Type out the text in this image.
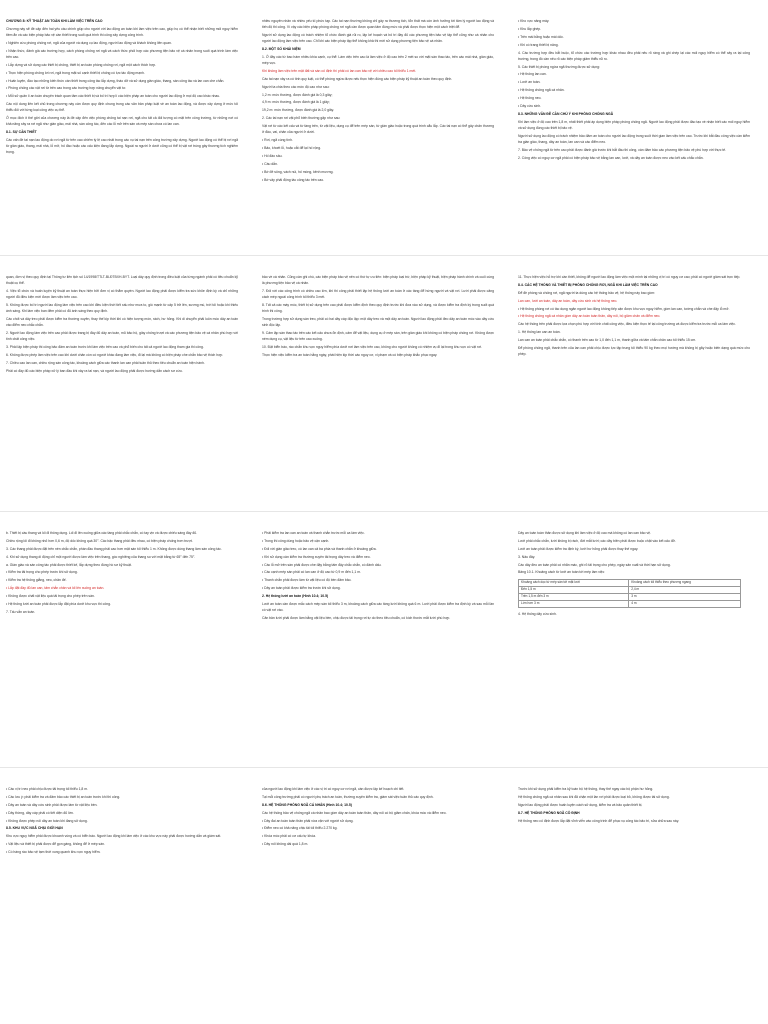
CHƯƠNG 8: KỸ THUẬT AN TOÀN KHI LÀM VIỆC TRÊN CAO

Chương này sẽ đề cập đến hai yêu cầu chính giúp cho người với lao động an toàn khi làm việc trên cao, giúp họ có thể nhận biết những mối nguy hiểm tiềm ẩn và các biện pháp bảo vệ cần thiết trong suốt quá trình thi công xây dựng công trình.

• Nghiên cứu phòng chống rơi, ngã của người và dụng cụ lao động, người lao động và khách không liên quan.

• Nhận thức, đánh giá các trường hợp, cách phòng chống rơi ngã và cách thức phối hợp các phương tiện bảo vệ cá nhân trong suốt quá trình làm việc trên cao.

• Lắp dựng và sử dụng các thiết bị chống, thiết bị an toàn phòng chống rơi, ngã một cách thích hợp.

• Thực hiện phòng chống lơi rơi, ngã trong mặt số cạnh thiết bị chống có lực tác động mạnh.

• Huấn luyện, đào tạo những kiến thức cần thiết trong công tác lắp dựng, tháo dỡ và sử dụng giàn giáo, thang, sàn công tác và lan can che chắn.

• Phòng chống các vật rơi từ trên cao trong các trường hợp nâng chuyển vật tư.

• Mỗi sử quản lí an toàn chuyên trách quan tâm các thiết bị và bố trí hợp lí các biện pháp an toàn cho người lao động ở mọi độ cao khác nhau.

Các nội dung liên kết chủ trong chương này cần được quy định chung trong các văn bản pháp luật về an toàn lao động, và được xây dựng ở mức tối thiểu đối với từng loại công việc cụ thể.

Ở mục đích ít thế giới của chương này là đề cập đến việc phòng chống tai nạn rơi, ngã cho tất cả đối tượng có mặt trên công trường, từ những nơi có khả năng xảy ra rơi ngã như giàn giáo, mái nhà, sàn công tác, đến các lỗ mở trên sàn và mép sàn chưa có lan can.

8.1. SỰ CẦN THIẾT

Các vấn đề tai nạn lao động do rơi ngã từ trên cao chiếm tỷ lệ cao nhất trong các vụ tai nạn trên công trường xây dựng. Người lao động có thể bị rơi ngã từ giàn giáo, thang, mái nhà, lỗ mở, hố đào hoặc các cấu kiện đang lắp dựng. Ngoài ra người ở dưới cũng có thể bị vật rơi trúng gây thương tích nghiêm trọng.

nhiều nguyên nhân và nhiều yếu tố phức tạp. Các tai nạn thường không chỉ gây ra thương tích, tổn thất mà còn ảnh hưởng tới tâm lý người lao động và tiến độ thi công. Vì vậy các biện pháp phòng chống rơi ngã cần được quan tâm đúng mức và phải được thực hiện một cách triệt để.

Người sử dụng lao động có trách nhiệm tổ chức đánh giá rủi ro, lập kế hoạch và bố trí đầy đủ các phương tiện bảo vệ tập thể cũng như cá nhân cho người lao động làm việc trên cao. Chỉ khi các biện pháp tập thể không khả thi mới sử dụng phương tiện bảo vệ cá nhân.

8.2. MỘT SỐ KHÁI NIỆM

1. Ở đây các từ bao hàm nhiều khía cạnh, cụ thể: Làm việc trên cao là làm việc ở độ cao trên 2 mét so với mặt sàn thao tác, trên các mái nhà, giàn giáo, mép vực.

Khi không làm việc trên mặt đất và sàn cố định thì phải có lan can bảo vệ với chiều cao tối thiểu 1 mét.

Các tai nạn xảy ra có tính quy luật, có thể phòng ngừa được nếu thực hiện đúng các biện pháp kỹ thuật an toàn theo quy định.

Người ta chia theo các mức độ cao như sau:

1,2 m: mức thường, được đánh giá là 0,3 giây;

4,9 m: mức thường, được đánh giá là 1 giây;

19,2 m: mức thường, được đánh giá là 2,0 giây.

2. Các tai nạn rơi vật phổ biến thường gặp như sau:

Vật rơi từ các kết cấu và từ tầng trên, từ vật liệu, dụng cụ để trên mép sàn, từ giàn giáo hoặc trong quá trình cẩu lắp. Các tai nạn có thể gây chấn thương ở đầu, vai, chân của người ở dưới.

• Rơi, ngã cùng tình.

• Bảo, khoét lỗ, hoặc cắt để lại hố rộng.

• Hố đào sâu.

• Cầu dẫn.

• Bờ đê sông, vách núi, hố móng, kênh mương.

• Bờ vây phải động tác công tác trên cao.

• Kho vực nâng máy.

• Khu lắp ghép.

• Trên mái bằng hoặc mái dốc.

• Khi có trang thiết bị nâng.

4. Các trường hợp đều bắt buộc, tổ chức các trường hợp khác nhau đều phải nêu rõ ràng và ghi chép lại các mối nguy hiểm có thể xảy ra tại công trường, trong đó cần nêu rõ các biện pháp giảm thiểu rủi ro.

5. Các thiết bị phòng ngừa ngã thường được sử dụng:

• Hệ thống lan can.

• Lưới an toàn.

• Hệ thống chống ngã cá nhân.

• Hệ thống neo.

• Dây cứu sinh.

8.3. NHỮNG VẤN ĐỀ CẦN CHÚ Ý KHI PHÒNG CHỐNG NGÃ

Khi làm việc ở độ cao trên 1,8 m, nhất thiết phải áp dụng biện pháp phòng chống ngã. Người lao động phải được đào tạo về nhận biết các mối nguy hiểm và sử dụng đúng các thiết bị bảo vệ.

Người sử dụng lao động có trách nhiệm bảo đảm an toàn cho người lao động trong suốt thời gian làm việc trên cao. Trước khi bắt đầu công việc cần kiểm tra giàn giáo, thang, dây an toàn, lan can và các điểm neo.

7. Bảo vệ chống ngã từ trên cao phải được đánh giá trước khi bắt đầu thi công, cần đảm bảo các phương tiện bảo vệ phù hợp với thực tế.

2. Công việc có nguy cơ ngã phải có biện pháp bảo vệ bằng lan can, lưới, và dây an toàn được neo vào kết cấu chắc chắn.

quan, đơn vị theo quy định tại Thông tư liên tịch số 14/1998/TTLT-BLĐTBXH-BYT. Loại dây quy định trong điều luật của từng ngành phải có tiêu chuẩn kỹ thuật cụ thể.

4. Việc tổ chức và huấn luyện kỹ thuật an toàn thực hiện bởi đơn vị có thẩm quyền. Người lao động phải được kiểm tra sức khỏe định kỳ và chỉ những người đủ điều kiện mới được làm việc trên cao.

5. Không được bố trí người lao động làm việc trên cao khi điều kiện thời tiết xấu như mưa to, gió mạnh từ cấp 5 trở lên, sương mù, trời tối hoặc khi thiếu ánh sáng. Khi làm việc ban đêm phải có đủ ánh sáng theo quy định.

Các chốt và dây treo phải được kiểm tra thường xuyên, thay thế kịp thời khi có hiện tượng mòn, rách, hư hỏng. Khi di chuyển phải luôn móc dây an toàn vào điểm neo chắc chắn.

2. Người lao động làm việc trên cao phải được trang bị đầy đủ dây an toàn, mũ bảo hộ, giày chống trượt và các phương tiện bảo vệ cá nhân phù hợp với tính chất công việc.

3. Phải lập biện pháp thi công bảo đảm an toàn trước khi làm việc trên cao và phổ biến cho tất cả người lao động tham gia thi công.

6. Không được phép làm việc trên cao khi dưới chân còn có người khác đang làm việc, đi lại mà không có biện pháp che chắn bảo vệ thích hợp.

7. Chiều cao lan can, chiều rộng sàn công tác, khoảng cách giữa các thanh lan can phải tuân thủ theo tiêu chuẩn an toàn hiện hành.

Phải có đầy đủ các biện pháp xử lý ban đầu khi xảy ra tai nạn, và người lao động phải được hướng dẫn cách sơ cứu.

bảo về cá nhân. Cũng cần ghi chú, các biện pháp bảo vệ nên có thứ tự ưu tiên: biện pháp loại trừ, biện pháp kỹ thuật, biện pháp hành chính và cuối cùng là phương tiện bảo vệ cá nhân.

7. Đối với các công trình có chiều cao lớn, khi thi công phải thiết lập hệ thống lưới an toàn ở các tầng để hứng người và vật rơi. Lưới phải được căng cách mép ngoài công trình tối thiểu 3 mét.

8. Tất cả các máy móc, thiết bị sử dụng trên cao phải được kiểm định theo quy định trước khi đưa vào sử dụng, và được kiểm tra định kỳ trong suốt quá trình thi công.

Trong trường hợp sử dụng sàn treo, phải có hai dây cáp độc lập: một dây treo và một dây an toàn. Người lao động phải đeo dây an toàn móc vào dây cứu sinh độc lập.

9. Cấm lập sàn thao tác trên các kết cấu chưa ổn định, cấm để vật liệu, dụng cụ ở mép sàn, trên giàn giáo khi không có biện pháp chống rơi. Không được ném dụng cụ, vật liệu từ trên cao xuống.

10. Đặt biển báo, rào chắn khu vực nguy hiểm phía dưới nơi làm việc trên cao, không cho người không có nhiệm vụ đi lại trong khu vực có vật rơi.

Thực hiện việc kiểm tra an toàn hằng ngày, phát hiện kịp thời các nguy cơ, vi phạm và có biện pháp khắc phục ngay.

11. Thực hiện việc hỗ trợ khi cần thiết, không để người lao động làm việc một mình tại những vị trí có nguy cơ cao; phải có người giám sát trực tiếp.

8.4. CÁC HỆ THỐNG VÀ THIẾT BỊ PHÒNG CHỐNG RƠI, NGÃ KHI LÀM VIỆC TRÊN CAO

Để đề phòng và chống rơi, ngã người ta dùng các hệ thống bảo vệ, hệ thống này bao gồm:

Lan can, lưới an toàn, dây an toàn, dây cứu sinh và hệ thống neo.

• Hệ thống phòng rơi có tác dụng ngăn người lao động không tiếp cận được khu vực nguy hiểm, gồm lan can, tường chắn và che đậy lỗ mở.

• Hệ thống chống ngã cá nhân gồm dây an toàn toàn thân, dây nối, bộ giảm chấn và điểm neo.

Các hệ thống trên phải được lựa chọn phù hợp với tính chất công việc, điều kiện thực tế tại công trường và được kiểm tra trước mỗi ca làm việc.

1. Hệ thống lan can an toàn.

Lan can an toàn phải chắc chắn, có thanh trên cao từ 1,0 đến 1,1 m, thanh giữa và tấm chắn chân cao tối thiểu 15 cm.

Để phòng chống ngã, thanh trên của lan can phải chịu được lực tập trung tối thiểu 90 kg theo mọi hướng mà không bị gãy hoặc biến dạng quá mức cho phép.

b. Thiết bị cầu thang và lối đi thông dụng. Lối đi lên xuống giữa các tầng phải chắc chắn, có tay vịn và được chiếu sáng đầy đủ.

Chiều rộng lối đi không nhỏ hơn 0,6 m, độ dốc không quá 30°. Các bậc thang phải đều nhau, có biện pháp chống trơn trượt.

3. Các thang phải được đặt trên nền chắc chắn, phần đầu thang phải cao hơn mặt sàn tối thiểu 1 m. Không được dùng thang làm sàn công tác.

4. Khi sử dụng thang di động chỉ một người được làm việc trên thang, góc nghiêng của thang so với mặt bằng từ 65° đến 75°.

a. Giàn giáo và sàn công tác phải được thiết kế, lắp dựng theo đúng hồ sơ kỹ thuật.

• Kiểm tra tải trọng cho phép trước khi sử dụng.

• Kiểm tra hệ thống giằng, neo, chân đế.

• Lắp đặt đầy đủ lan can, tấm chắn chân và lối lên xuống an toàn.

• Không được chất vật liệu quá tải trọng cho phép trên sàn.

• Hệ thống lưới an toàn phải được lắp đặt phía dưới khu vực thi công.

7. Tấu vẫn an toàn.

• Phải kiểm tra lan can an toàn và thanh chắn trước mỗi ca làm việc.

• Trong thi công dùng hoặc bảo vệ cận cạnh.

• Đối với giàn giáo treo, có lan can cả ba phía và thanh chắn ở khoảng giữa.

• Khi sử dụng cần kiểm tra thường xuyên tải trọng dây treo và điểm neo.

• Các lỗ mở trên sàn phải được che đậy bằng tấm đậy chắc chắn, có đánh dấu.

• Các cạnh mép sàn phải có lan can ở độ cao từ 0,9 m đến 1,1 m.

• Thanh chắn phải được làm từ vật liệu có độ bền đảm bảo.

• Dây an toàn phải được kiểm tra trước khi sử dụng.

2. Hệ thống lưới an toàn (Hình 10.4; 10.5)

Lưới an toàn cần được mắc cách mép sàn tối thiểu 3 m, khoảng cách giữa các tầng lưới không quá 6 m. Lưới phải được kiểm tra định kỳ và sau mỗi lần có vật rơi vào.

Căn bản lưới phải được làm bằng vật liệu bền, chịu được tải trọng rơi tự do theo tiêu chuẩn, có kích thước mắt lưới phù hợp.

Dây an toàn toàn thân được sử dụng khi làm việc ở độ cao mà không có lan can bảo vệ.

Lưới phải chắc chắn, lưới không bị rách, đứt mắt lưới; các dây biên phải được buộc chặt vào kết cấu đỡ.

Lưới an toàn phải được kiểm tra định kỳ, lưới hư hỏng phải được thay thế ngay.

3. Nâu đây.

Các dây đeo an toàn phải có nhãn mác, ghi rõ tải trọng cho phép, ngày sản xuất và thời hạn sử dụng.

Bảng 10.1. Khoảng cách từ lưới an toàn tới mép làm việc

Khoảng cách dọc từ mép sàn tới mặt lưới	Khoảng cách tối thiểu theo phương ngang
Đến 1,5 m	2,4 m
Trên 1,5 m đến 3 m	3 m
Lớn hơn 3 m	4 m

4. Hệ thống dây cứu sinh.

• Các vị trí neo phải chịu được tải trọng tối thiểu 1,8 m.

• Các lưu ý: phải kiểm tra và đảm bảo các thiết bị an toàn trước khi thi công.

• Dây an toàn và dây cứu sinh phải được làm từ vật liệu bền.

• Dây thừng, dây cáp phải có tiết diện đủ lớn.

• Không được phép nối dây an toàn khi đang sử dụng.

8.5. KHU VỰC NGÃ CHỊU GIỚI HẠN

Khu vực nguy hiểm phải được khoanh vùng và có biển báo. Người lao động khi làm việc ở các khu vực này phải được hướng dẫn và giám sát.

• Vật liệu và thiết bị phải được để gọn gàng, không để ở mép sàn.

• Có hàng rào bảo vệ tạm thời xung quanh khu vực nguy hiểm.

của người lao động khi làm việc ở các vị trí có nguy cơ rơi ngã, cần được lập kế hoạch chi tiết.

Tại mỗi công trường phải có người phụ trách an toàn, thường xuyên kiểm tra, giám sát việc tuân thủ các quy định.

8.6. HỆ THỐNG PHÒNG NGÃ CÁ NHÂN (Hình 10.4; 10.5)

Các hệ thống bảo vệ chống ngã cá nhân bao gồm dây an toàn toàn thân, dây nối có bộ giảm chấn, khóa móc và điểm neo.

• Dây đai an toàn toàn thân phải vừa vặn với người sử dụng.

• Điểm neo có khả năng chịu tải tối thiểu 2.270 kg.

• Khóa móc phải có cơ cấu tự khóa.

• Dây nối không dài quá 1,8 m.

Trước khi sử dụng phải kiểm tra kỹ toàn bộ hệ thống, thay thế ngay các bộ phận hư hỏng.

Hệ thống chống ngã cá nhân sau khi đã chặn một lần rơi phải được loại bỏ, không được tái sử dụng.

Người lao động phải được huấn luyện cách sử dụng, kiểm tra và bảo quản thiết bị.

8.7. HỆ THỐNG PHÒNG NGÃ CÔ ĐỊNH

Hệ thống neo cố định được lắp đặt vĩnh viễn vào công trình để phục vụ công tác bảo trì, sửa chữa sau này.
